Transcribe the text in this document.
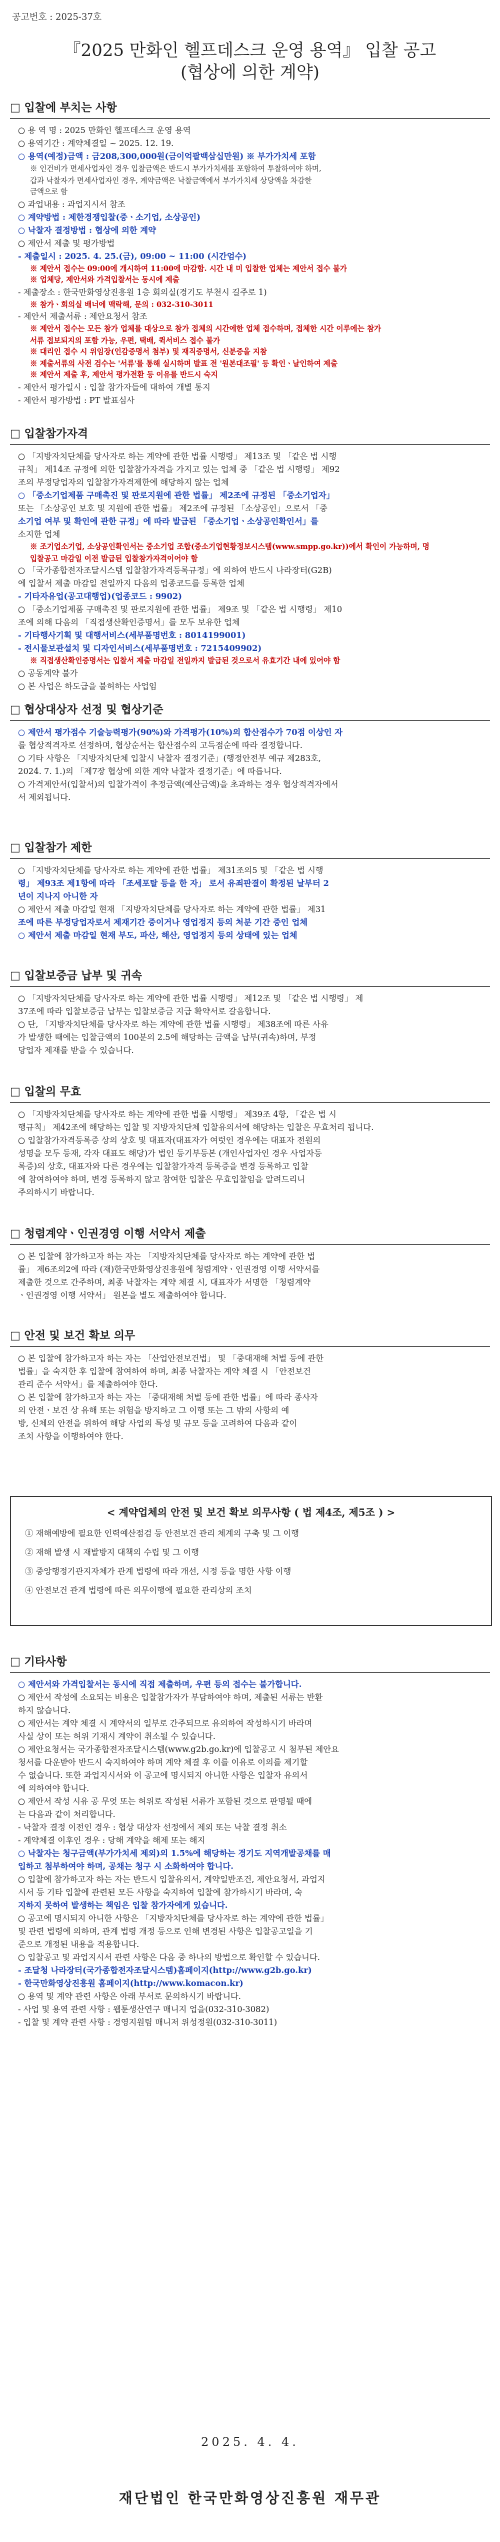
공고번호 : 2025-37호
『2025 만화인 헬프데스크 운영 용역』 입찰 공고
(협상에 의한 계약)
□ 입찰에 부치는 사항

○ 용 역 명 : 2025 만화인 헬프데스크 운영 용역

○ 용역기간 : 계약체결일 ~ 2025. 12. 19.

○ 용역(예정)금액 : 금208,300,000원(금이억팔백삼십만원) ※ 부가가치세 포함

※ 인건비가 면세사업자인 경우 입찰금액은 반드시 부가가치세를 포함하여 투찰하여야 하며,

갑과 낙찰자가 면세사업자인 경우, 계약금액은 낙찰금액에서 부가가치세 상당액을 차감한

금액으로 함

○ 과업내용 : 과업지시서 참조

○ 계약방법 : 제한경쟁입찰(중ㆍ소기업, 소상공인)

○ 낙찰자 결정방법 : 협상에 의한 계약

○ 제안서 제출 및 평가방법

- 제출일시 : 2025. 4. 25.(금), 09:00 ~ 11:00 (시간엄수)

※ 제안서 접수는 09:00에 개시하여 11:00에 마감함. 시간 내 미 입찰한 업체는 제안서 접수 불가

※ 업체당, 제안서와 가격입찰서는 동시에 제출

- 제출장소 : 한국만화영상진흥원 1층 회의실(경기도 부천시 길주로 1)

※ 참가ㆍ회의실 배너에 맥락해, 문의 : 032-310-3011

- 제안서 제출서류 : 제안요청서 참조

※ 제안서 접수는 모든 참가 업체를 대상으로 참가 접체의 시간에한 업체 접수하며, 접체한 시간 이루에는 참가

서류 접보되지의 포함 가능, 우편, 택배, 퀵서비스 접수 불가

※ 대리인 접수 시 위임장(인감증명서 첨부) 및 재직증명서, 신분증을 지참

※ 제출서류의 사전 검수는 '서류'를 통해 실시하며 발표 전 '원본대조필' 등 확인ㆍ날인하여 제출

※ 제안서 제출 후, 제안서 평가전환 등 이유를 반드시 숙지

- 제안서 평가일시 : 입찰 참가자들에 대하여 개별 통지

- 제안서 평가방법 : PT 발표심사

□ 입찰참가자격

○ 「지방자치단체를 당사자로 하는 계약에 관한 법률 시행령」 제13조 및 「같은 법 시행

규칙」 제14조 규정에 의한 입찰참가자격을 가지고 있는 업체 중 「같은 법 시행령」 제92

조의 부정당업자의 입찰참가자격제한에 해당하지 않는 업체

○ 「중소기업제품 구매촉진 및 판로지원에 관한 법률」 제2조에 규정된 「중소기업자」

또는 「소상공인 보호 및 지원에 관한 법률」 제2조에 규정된 「소상공인」으로서 「중

소기업 여부 및 확인에 관한 규정」에 따라 발급된 「중소기업ㆍ소상공인확인서」를

소지한 업체

※ 조기업소기업, 소상공인확인서는 중소기업 조합(중소기업현황정보시스템(www.smpp.go.kr))에서 확인이 가능하며, 명

입찰공고 마감일 이전 발급된 입찰참가자격이어야 함

○ 「국가종합전자조달시스템 입찰참가자격등록규정」에 의하여 반드시 나라장터(G2B)

에 입찰서 제출 마감일 전일까지 다음의 업종코드를 등록한 업체

- 기타자유업(공고대행업)(업종코드 : 9902)

○ 「중소기업제품 구매촉진 및 판로지원에 관한 법률」 제9조 및 「같은 법 시행령」 제10

조에 의해 다음의 「직접생산확인증명서」를 모두 보유한 업체

- 기타행사기획 및 대행서비스(세부품명번호 : 8014199001)

- 전시물보관설치 및 디자인서비스(세부품명번호 : 7215409902)

※ 직접생산확인증명서는 입찰서 제출 마감일 전일까지 발급된 것으로서 유효기간 내에 있어야 함

○ 공동계약 불가

○ 본 사업은 하도급을 불허하는 사업임

□ 협상대상자 선정 및 협상기준

○ 제안서 평가점수 기술능력평가(90%)와 가격평가(10%)의 합산점수가 70점 이상인 자

를 협상적격자로 선정하며, 협상순서는 합산점수의 고득점순에 따라 결정합니다.

○ 기타 사항은 「지방자치단체 입찰시 낙찰자 결정기준」(행정안전부 예규 제283호,

2024. 7. 1.)의 「제7장 협상에 의한 계약 낙찰자 결정기준」에 따릅니다.

○ 가격제안서(입찰서)의 입찰가격이 추정금액(예산금액)을 초과하는 경우 협상적격자에서

서 제외됩니다.

□ 입찰참가 제한

○ 「지방자치단체를 당사자로 하는 계약에 관한 법률」 제31조의5 및 「같은 법 시행

령」 제93조 제1항에 따라 「조세포탈 등을 한 자」 로서 유죄판결이 확정된 날부터 2

년이 지나지 아니한 자

○ 제안서 제출 마감일 현재 「지방자치단체를 당사자로 하는 계약에 관한 법률」 제31

조에 따른 부정당업자로서 제재기간 중이거나 영업정지 등의 처분 기간 중인 업체

○ 제안서 제출 마감일 현재 부도, 파산, 해산, 영업정지 등의 상태에 있는 업체

□ 입찰보증금 납부 및 귀속

○ 「지방자치단체를 당사자로 하는 계약에 관한 법률 시행령」 제12조 및 「같은 법 시행령」 제

37조에 따라 입찰보증금 납부는 입찰보증금 지급 확약서로 갈음합니다.

○ 단, 「지방자치단체를 당사자로 하는 계약에 관한 법률 시행령」 제38조에 따른 사유

가 발생한 때에는 입찰금액의 100분의 2.5에 해당하는 금액을 납부(귀속)하며, 부정

당업자 제재를 받을 수 있습니다.

□ 입찰의 무효

○ 「지방자치단체를 당사자로 하는 계약에 관한 법률 시행령」 제39조 4항, 「같은 법 시

행규칙」 제42조에 해당하는 입찰 및 지방자치단체 입찰유의서에 해당하는 입찰은 무효처리 됩니다.

○ 입찰참가자격등록증 상의 상호 및 대표자(대표자가 여럿인 경우에는 대표자 전원의

성명을 모두 등재, 각자 대표도 해당)가 법인 등기부등본 (개인사업자인 경우 사업자등

록증)의 상호, 대표자와 다른 경우에는 입찰참가자격 등록증을 변경 등록하고 입찰

에 참여하여야 하며, 변경 등록하지 않고 참여한 입찰은 무효입찰임을 알려드리니

주의하시기 바랍니다.

□ 청렴계약ㆍ인권경영 이행 서약서 제출

○ 본 입찰에 참가하고자 하는 자는 「지방자치단체를 당사자로 하는 계약에 관한 법

률」 제6조의2에 따라 (재)한국만화영상진흥원에 청렴계약ㆍ인권경영 이행 서약서를

제출한 것으로 간주하며, 최종 낙찰자는 계약 체결 시, 대표자가 서명한 「청렴계약

ㆍ인권경영 이행 서약서」 원본을 별도 제출하여야 합니다.

□ 안전 및 보건 확보 의무

○ 본 입찰에 참가하고자 하는 자는 「산업안전보건법」 및 「중대재해 처벌 등에 관한

법률」을 숙지한 후 입찰에 참여하여 하며, 최종 낙찰자는 계약 체결 시 「안전보건

관리 준수 서약서」를 제출하여야 한다.

○ 본 입찰에 참가하고자 하는 자는 「중대재해 처벌 등에 관한 법률」에 따라 종사자

의 안전ㆍ보건 상 유해 또는 위험을 방지하고 그 이행 또는 그 밖의 사항의 예

방, 신체의 안전을 위하여 해당 사업의 특성 및 규모 등을 고려하여 다음과 같이

조치 사항을 이행하여야 한다.

□ 기타사항

○ 제안서와 가격입찰서는 동시에 직접 제출하며, 우편 등의 접수는 불가합니다.

○ 제안서 작성에 소요되는 비용은 입찰참가자가 부담하여야 하며, 제출된 서류는 반환

하지 않습니다.

○ 제안서는 계약 체결 시 계약서의 일부로 간주되므로 유의하여 작성하시기 바라며

사실 상이 또는 허위 기재시 계약이 취소될 수 있습니다.

○ 제안요청서는 국가종합전자조달시스템(www.g2b.go.kr)에 입찰공고 시 첨부된 제안요

청서를 다운받아 반드시 숙지하여야 하며 계약 체결 후 이를 이유로 이의를 제기할

수 없습니다. 또한 과업지시서와 이 공고에 명시되지 아니한 사항은 입찰자 유의서

에 의하여야 합니다.

○ 제안서 작성 시유 공 무엇 또는 허위로 작성된 서류가 포함된 것으로 판명될 때에

는 다음과 같이 처리합니다.

- 낙찰자 결정 이전인 경우 : 협상 대상자 선정에서 제외 또는 낙찰 결정 취소

- 계약체결 이후인 경우 : 당해 계약을 해제 또는 해지

○ 낙찰자는 청구금액(부가가치세 제외)의 1.5%에 해당하는 경기도 지역개발공채를 매

입하고 첨부하여야 하며, 공채는 청구 시 소화하여야 합니다.

○ 입찰에 참가하고자 하는 자는 반드시 입찰유의서, 계약일반조건, 제안요청서, 과업지

시서 등 기타 입찰에 관련된 모든 사항을 숙지하여 입찰에 참가하시기 바라며, 숙

지하지 못하여 발생하는 책임은 입찰 참가자에게 있습니다.

○ 공고에 명시되지 아니한 사항은 「지방자치단체를 당사자로 하는 계약에 관한 법률」

및 관련 법령에 의하며, 관계 법령 개정 등으로 인해 변경된 사항은 입찰공고일을 기

준으로 개정된 내용을 적용합니다.

○ 입찰공고 및 과업지시서 관련 사항은 다음 중 하나의 방법으로 확인할 수 있습니다.

- 조달청 나라장터(국가종합전자조달시스템)홈페이지(http://www.g2b.go.kr)

- 한국만화영상진흥원 홈페이지(http://www.komacon.kr)

○ 용역 및 계약 관련 사항은 아래 부서로 문의하시기 바랍니다.

- 사업 및 용역 관련 사항 : 웹툰생산연구 매니지 업을(032-310-3082)

- 입찰 및 계약 관련 사항 : 경영지원팀 매니저 위성정원(032-310-3011)

< 계약업체의 안전 및 보건 확보 의무사항 ( 법 제4조, 제5조 ) >

① 재해예방에 필요한 인력예산점검 등 안전보건 관리 체계의 구축 및 그 이행

② 재해 발생 시 재발방지 대책의 수립 및 그 이행

③ 중앙행정기관지자체가 관계 법령에 따라 개선, 시정 등을 명한 사항 이행

④ 안전보건 관계 법령에 따른 의무이행에 필요한 관리상의 조치

2025. 4. 4.
재단법인 한국만화영상진흥원 재무관
